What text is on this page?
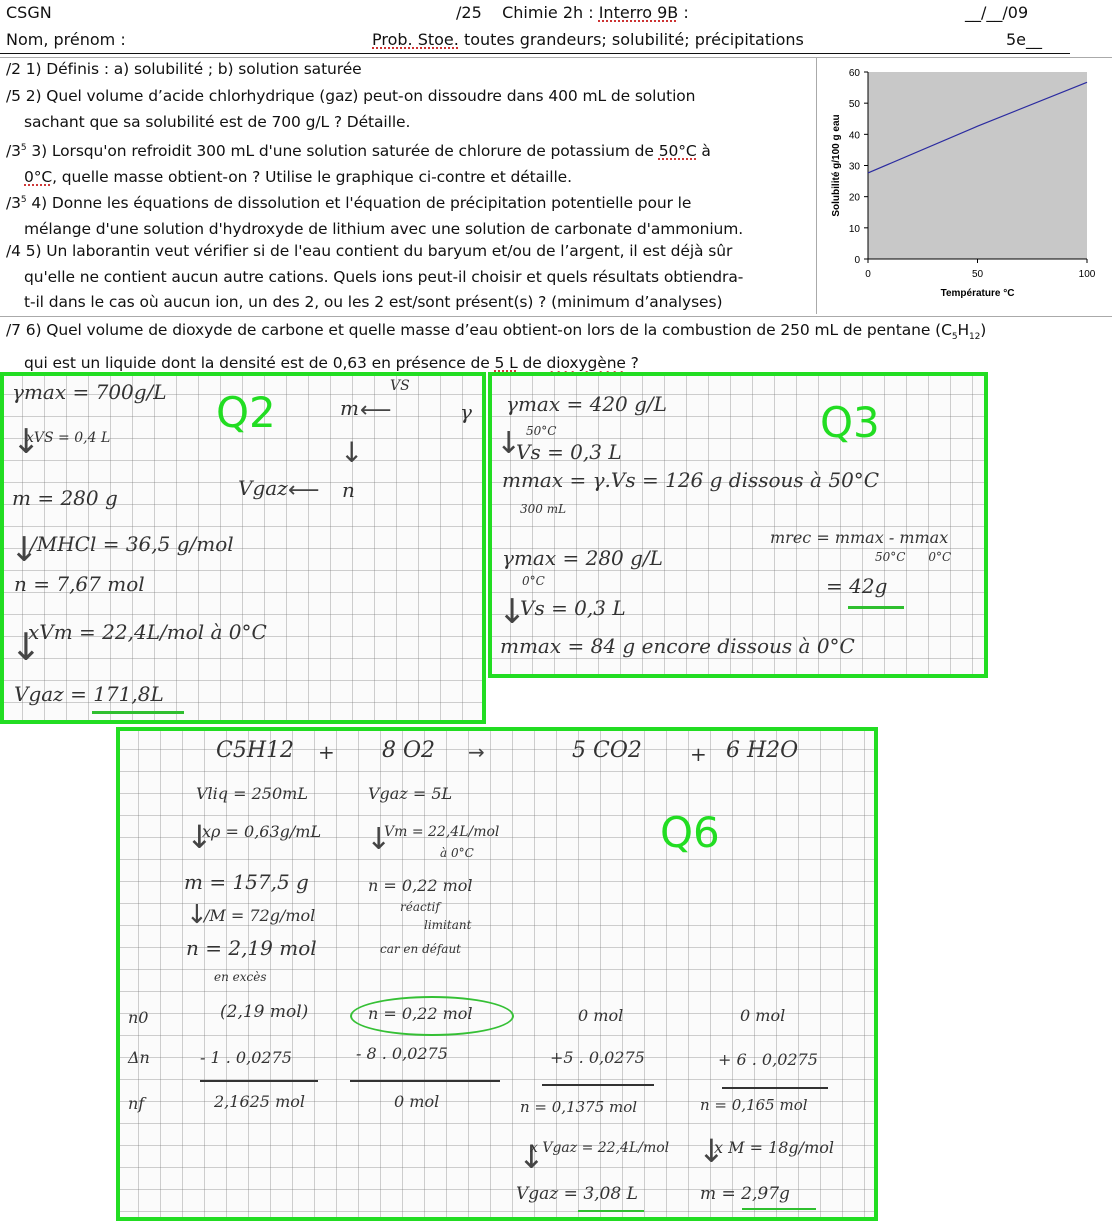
CSGN	/25 Chimie 2h : Interro 9B :	__/__/09
Nom, prénom :	Prob. Stoe. toutes grandeurs; solubilité; précipitations	5e__
/2 1) Définis : a) solubilité ; b) solution saturée
/5 2) Quel volume d’acide chlorhydrique (gaz) peut-on dissoudre dans 400 mL de solution
sachant que sa solubilité est de 700 g/L ? Détaille.
$/3^5$ 3) Lorsqu'on refroidit 300 mL d'une solution saturée de chlorure de potassium de 50°C à
0°C, quelle masse obtient-on ? Utilise le graphique ci-contre et détaille.
$/3^5$ 4) Donne les équations de dissolution et l'équation de précipitation potentielle pour le
mélange d'une solution d'hydroxyde de lithium avec une solution de carbonate d'ammonium.
/4 5) Un laborantin veut vérifier si de l'eau contient du baryum et/ou de l’argent, il est déjà sûr
qu'elle ne contient aucun autre cations. Quels ions peut-il choisir et quels résultats obtiendra-
t-il dans le cas où aucun ion, un des 2, ou les 2 est/sont présent(s) ? (minimum d’analyses)
0
10
20
30
40
50
60
0	50	100
Température °C
Solubilité g/100 g eau
/7 6) Quel volume de dioxyde de carbone et quelle masse d’eau obtient-on lors de la combustion de 250 mL de pentane $(C_5H_{12})$
qui est un liquide dont la densité est de 0,63 en présence de 5 L de dioxygène ?
Q2
γmax = 700g/L
xVS = 0,4 L
↓
m = 280 g
/MHCl = 36,5 g/mol
↓
n = 7,67 mol
xVm = 22,4L/mol à 0°C
↓
Vgaz = 171,8L
m
VS
⟵	γ
↓
n
⟵
Vgaz
Q3
γmax = 420 g/L
50°C
↓
Vs = 0,3 L
mmax = γ.Vs = 126 g dissous à 50°C
300 mL
mrec = mmax - mmax
50°C      0°C
= 42g
γmax = 280 g/L
0°C
Vs = 0,3 L
↓
mmax = 84 g encore dissous à 0°C
Q6
C5H12 + 8 O2 →	5 CO2 + 6 H2O
Vliq = 250mL
↓
xρ = 0,63g/mL
m = 157,5 g
↓
/M = 72g/mol
n = 2,19 mol
en excès
Vgaz = 5L
↓
Vm = 22,4L/mol
à 0°C
n = 0,22 mol
réactif
limitant
car en défaut
n0
Δn
nf
(2,19 mol)	n = 0,22 mol	0 mol	0 mol
- 1 . 0,0275	- 8 . 0,0275	+5 . 0,0275	+ 6 . 0,0275
2,1625 mol	0 mol	n = 0,1375 mol	n = 0,165 mol
↓
x Vgaz = 22,4L/mol
Vgaz = 3,08 L
↓
x M = 18g/mol
m = 2,97g
